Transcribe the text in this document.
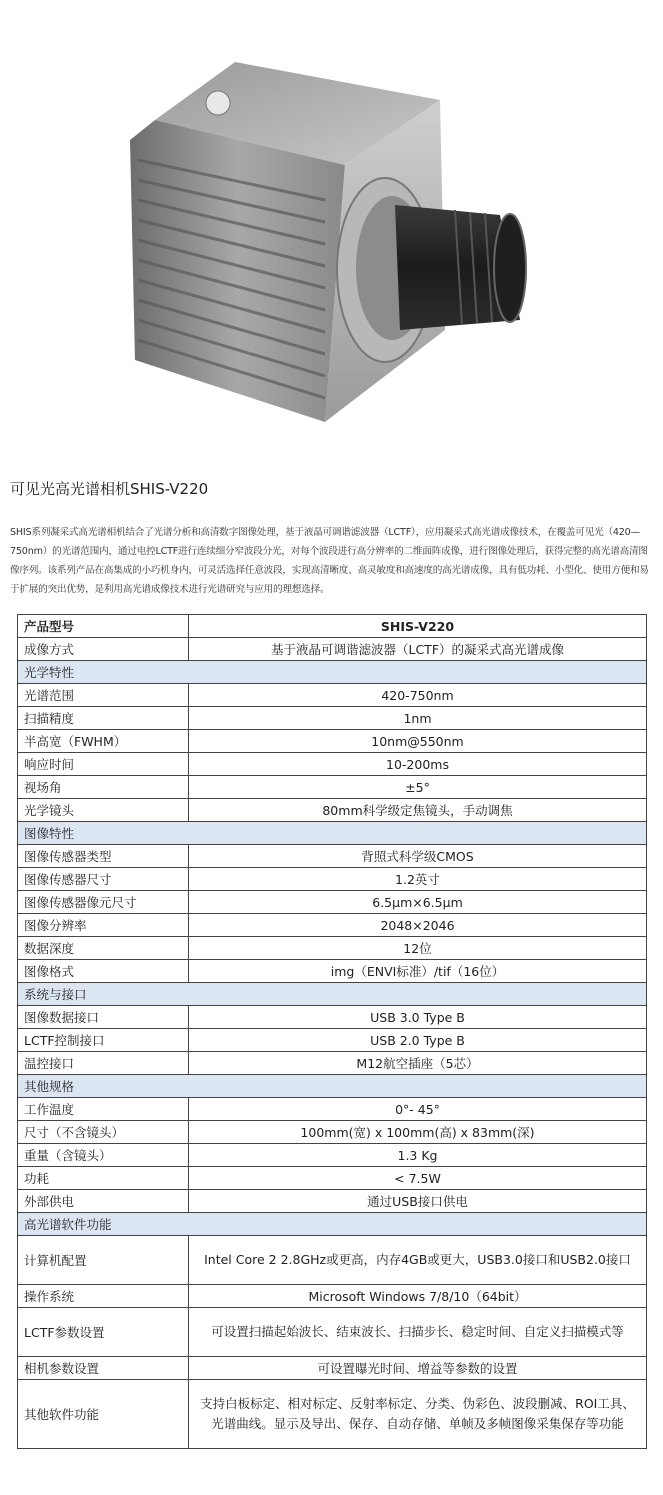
可见光高光谱相机SHIS-V220
SHIS系列凝采式高光谱相机结合了光谱分析和高清数字图像处理，基于液晶可调谐滤波器（LCTF），应用凝采式高光谱成像技术，在覆盖可见光（420—750nm）的光谱范围内，通过电控LCTF进行连续细分窄波段分光，对每个波段进行高分辨率的二维面阵成像，进行图像处理后，获得完整的高光谱高清图像序列。该系列产品在高集成的小巧机身内，可灵活选择任意波段，实现高清晰度、高灵敏度和高速度的高光谱成像，具有低功耗、小型化、使用方便和易于扩展的突出优势，是利用高光谱成像技术进行光谱研究与应用的理想选择。
产品型号	SHIS-V220
成像方式	基于液晶可调谐滤波器（LCTF）的凝采式高光谱成像
光学特性	
光谱范围	420-750nm
扫描精度	1nm
半高宽（FWHM）	10nm@550nm
响应时间	10-200ms
视场角	±5°
光学镜头	80mm科学级定焦镜头，手动调焦
图像特性	
图像传感器类型	背照式科学级CMOS
图像传感器尺寸	1.2英寸
图像传感器像元尺寸	6.5μm×6.5μm
图像分辨率	2048×2046
数据深度	12位
图像格式	img（ENVI标准）/tif（16位）
系统与接口	
图像数据接口	USB 3.0 Type B
LCTF控制接口	USB 2.0 Type B
温控接口	M12航空插座（5芯）
其他规格	
工作温度	0°- 45°
尺寸（不含镜头）	100mm(宽) x 100mm(高) x 83mm(深)
重量（含镜头）	1.3 Kg
功耗	< 7.5W
外部供电	通过USB接口供电
高光谱软件功能	
计算机配置	Intel Core 2 2.8GHz或更高，内存4GB或更大，USB3.0接口和USB2.0接口
操作系统	Microsoft Windows 7/8/10（64bit）
LCTF参数设置	可设置扫描起始波长、结束波长、扫描步长、稳定时间、自定义扫描模式等
相机参数设置	可设置曝光时间、增益等参数的设置
其他软件功能	支持白板标定、相对标定、反射率标定、分类、伪彩色、波段删减、ROI工具、光谱曲线。显示及导出、保存、自动存储、单帧及多帧图像采集保存等功能
